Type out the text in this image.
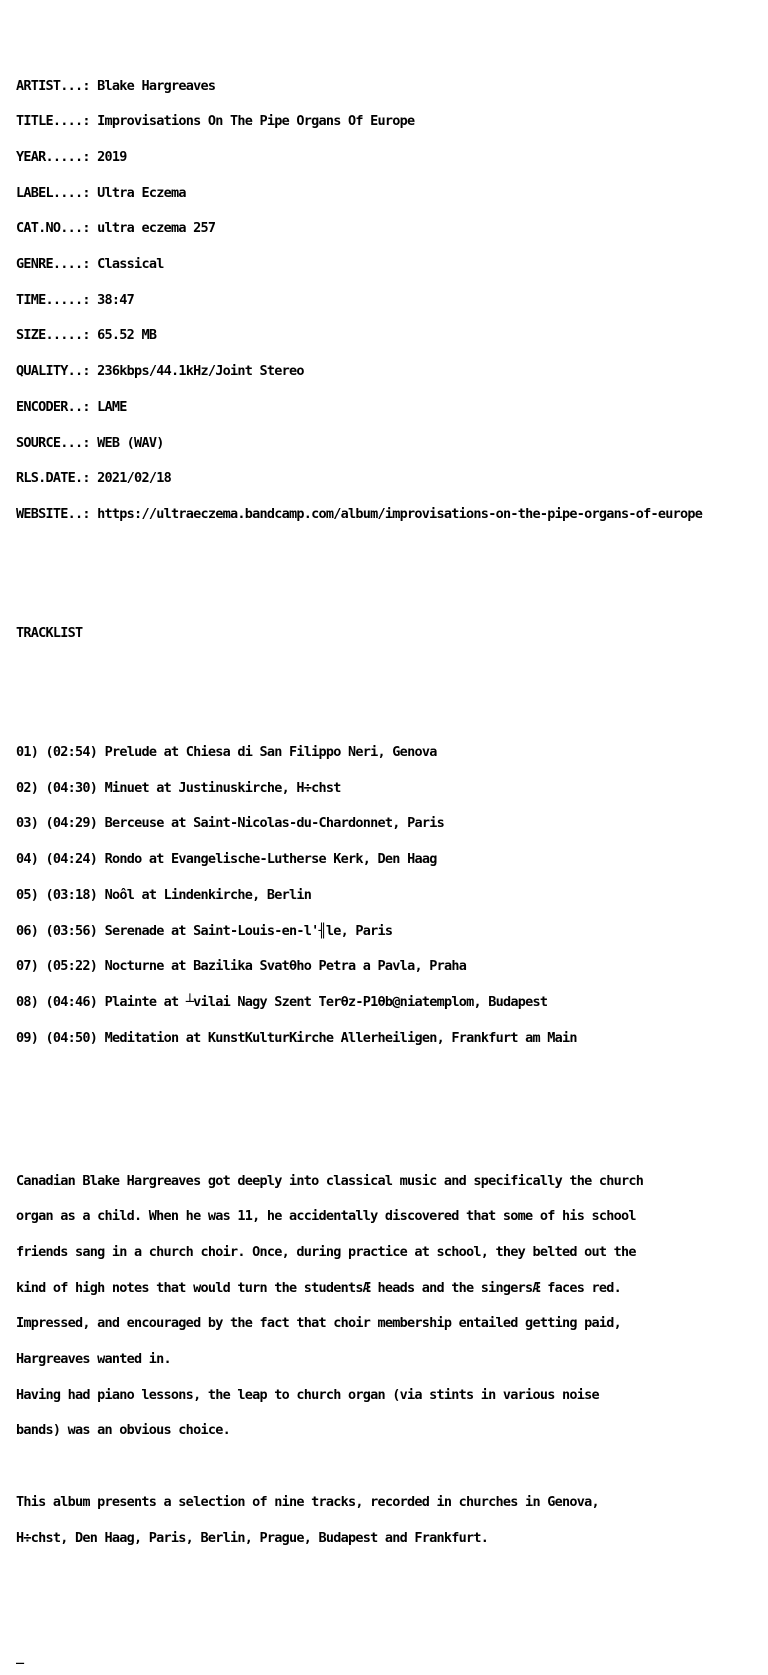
ARTIST...: Blake Hargreaves

TITLE....: Improvisations On The Pipe Organs Of Europe

YEAR.....: 2019

LABEL....: Ultra Eczema

CAT.NO...: ultra eczema 257

GENRE....: Classical

TIME.....: 38:47

SIZE.....: 65.52 MB

QUALITY..: 236kbps/44.1kHz/Joint Stereo

ENCODER..: LAME

SOURCE...: WEB (WAV)

RLS.DATE.: 2021/02/18

WEBSITE..: https://ultraeczema.bandcamp.com/album/improvisations-on-the-pipe-organs-of-europe

TRACKLIST

01) (02:54) Prelude at Chiesa di San Filippo Neri, Genova

02) (04:30) Minuet at Justinuskirche, H÷chst

03) (04:29) Berceuse at Saint-Nicolas-du-Chardonnet, Paris

04) (04:24) Rondo at Evangelische-Lutherse Kerk, Den Haag

05) (03:18) Noôl at Lindenkirche, Berlin

06) (03:56) Serenade at Saint-Louis-en-l'╢le, Paris

07) (05:22) Nocturne at Bazilika Svatθho Petra a Pavla, Praha

08) (04:46) Plainte at ┴vilai Nagy Szent Terθz-P1θb@niatemplom, Budapest

09) (04:50) Meditation at KunstKulturKirche Allerheiligen, Frankfurt am Main

Canadian Blake Hargreaves got deeply into classical music and specifically the church

organ as a child. When he was 11, he accidentally discovered that some of his school

friends sang in a church choir. Once, during practice at school, they belted out the

kind of high notes that would turn the studentsÆ heads and the singersÆ faces red.

Impressed, and encouraged by the fact that choir membership entailed getting paid,

Hargreaves wanted in.

Having had piano lessons, the leap to church organ (via stints in various noise

bands) was an obvious choice.

This album presents a selection of nine tracks, recorded in churches in Genova,

H÷chst, Den Haag, Paris, Berlin, Prague, Budapest and Frankfurt.

_
